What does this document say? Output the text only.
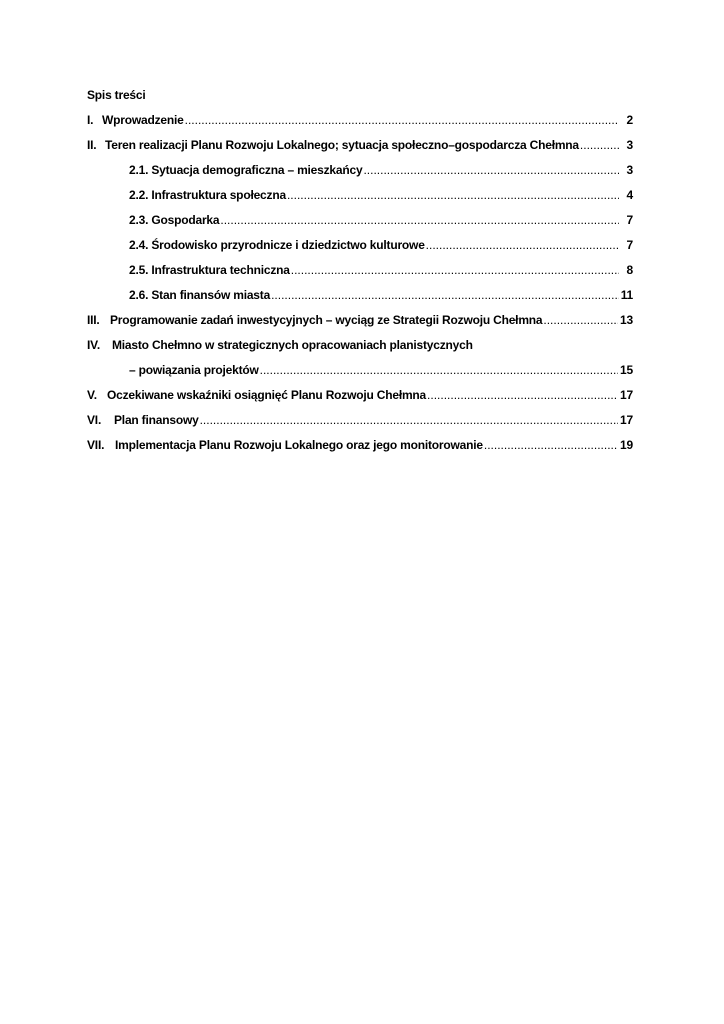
Spis treści
I. Wprowadzenie .....	2
II. Teren realizacji Planu Rozwoju Lokalnego; sytuacja społeczno–gospodarcza Chełmna .....	3
2.1. Sytuacja demograficzna – mieszkańcy .....	3
2.2. Infrastruktura społeczna .....	4
2.3. Gospodarka .....	7
2.4. Środowisko przyrodnicze i dziedzictwo kulturowe .....	7
2.5. Infrastruktura techniczna .....	8
2.6. Stan finansów miasta .....	11
III. Programowanie zadań inwestycyjnych – wyciąg ze Strategii Rozwoju Chełmna .....	13
IV. Miasto Chełmno w strategicznych opracowaniach planistycznych
– powiązania projektów .....	15
V. Oczekiwane wskaźniki osiągnięć Planu Rozwoju Chełmna .....	17
VI. Plan finansowy .....	17
VII. Implementacja Planu Rozwoju Lokalnego oraz jego monitorowanie .....	19
